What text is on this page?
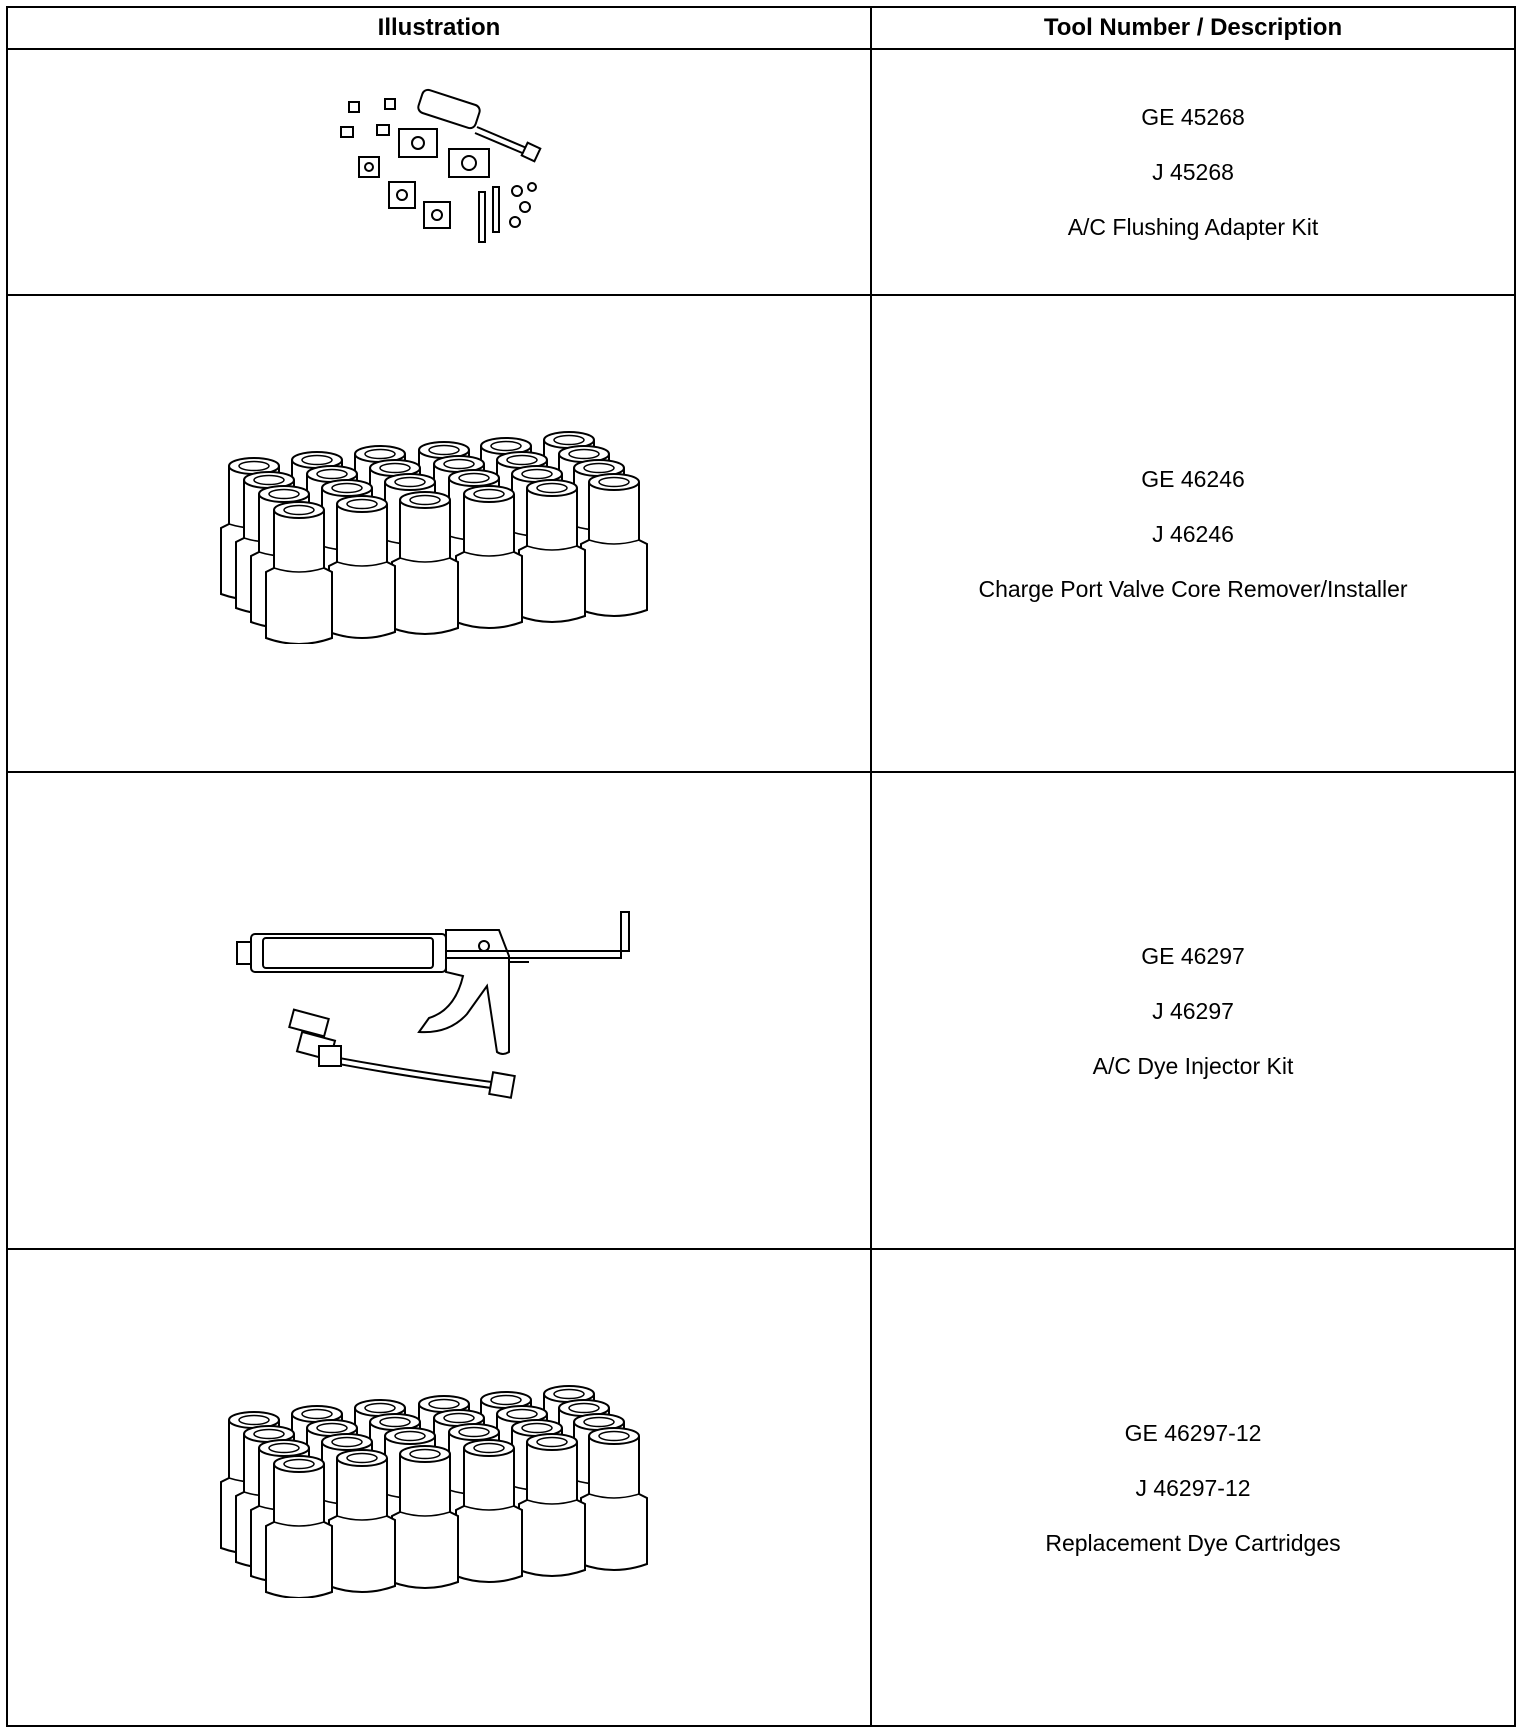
Illustration	Tool Number / Description

GE 45268
J 45268
A/C Flushing Adapter Kit

GE 46246
J 46246
Charge Port Valve Core Remover/Installer

GE 46297
J 46297
A/C Dye Injector Kit

GE 46297-12
J 46297-12
Replacement Dye Cartridges
